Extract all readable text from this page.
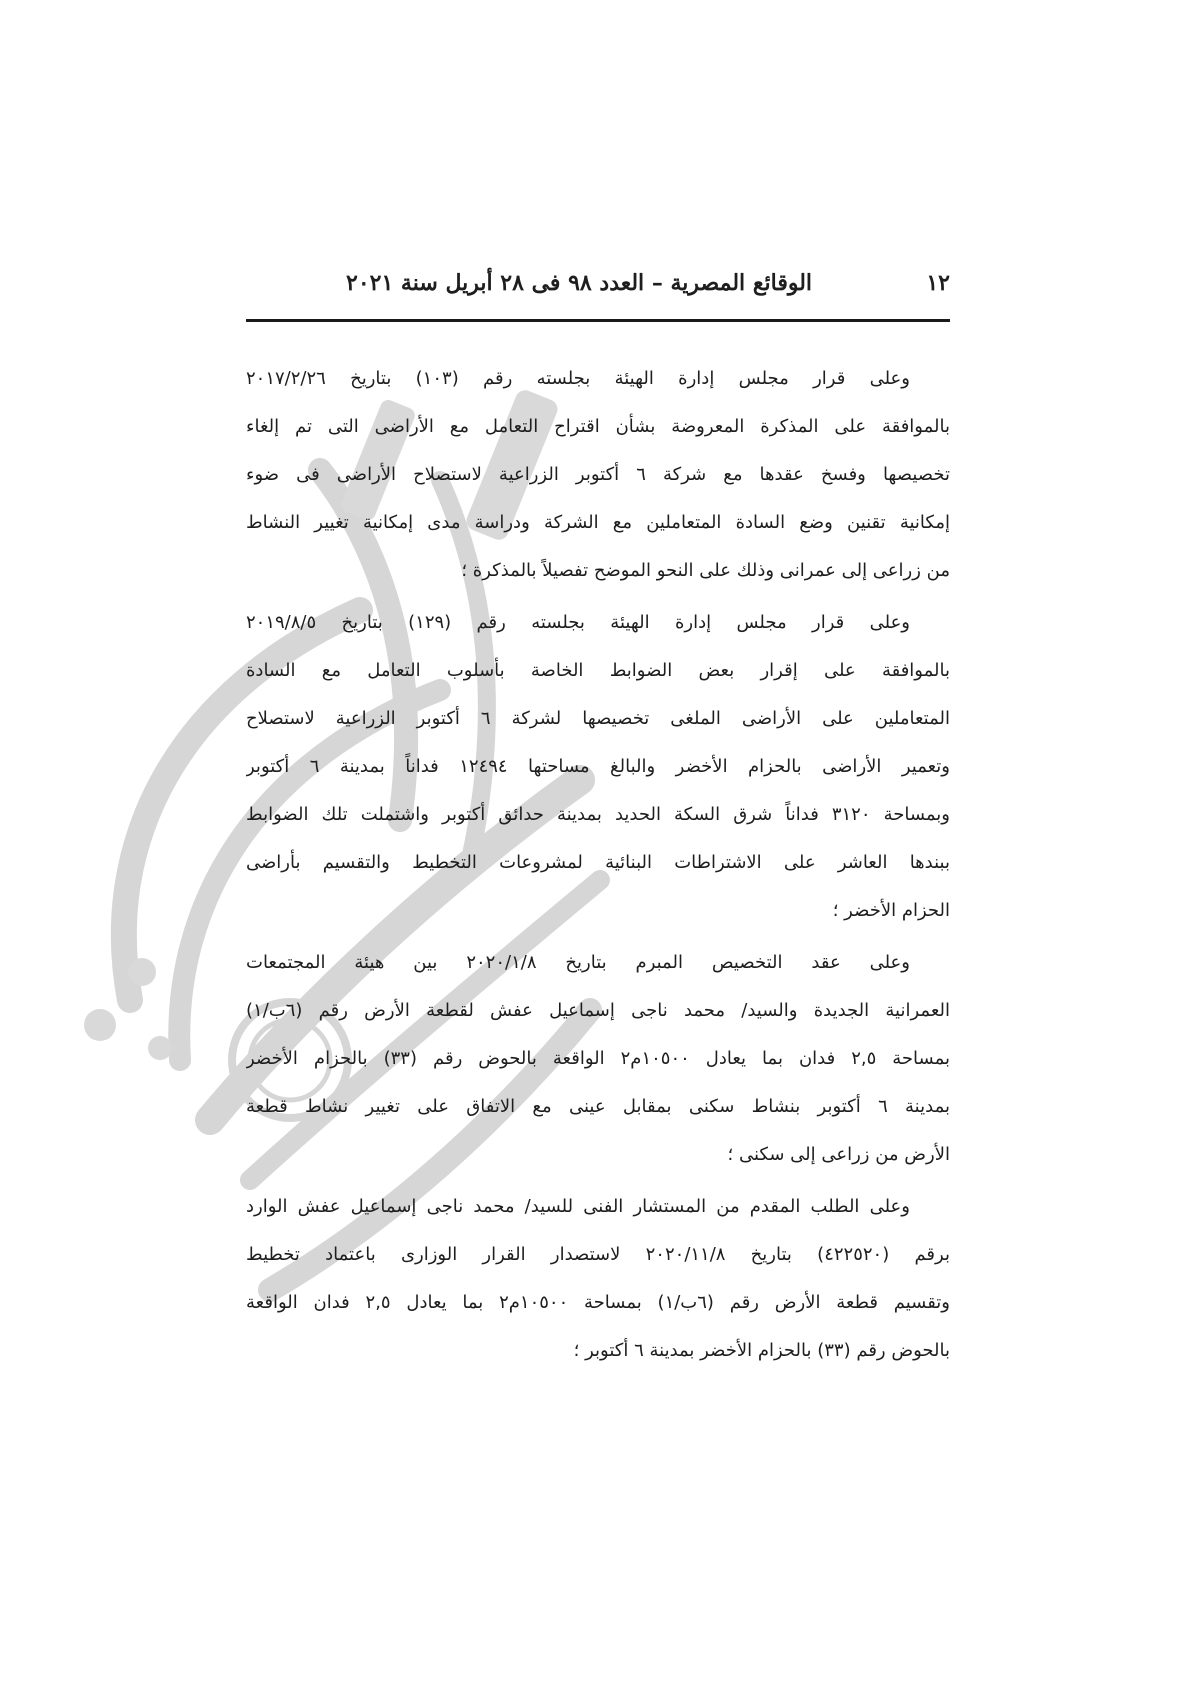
الوقائع المصرية – العدد ٩٨ فى ٢٨ أبريل سنة ٢٠٢١	١٢
وعلى قرار مجلس إدارة الهيئة بجلسته رقم (١٠٣) بتاريخ ٢٠١٧/٢/٢٦
بالموافقة على المذكرة المعروضة بشأن اقتراح التعامل مع الأراضى التى تم إلغاء
تخصيصها وفسخ عقدها مع شركة ٦ أكتوبر الزراعية لاستصلاح الأراضى فى ضوء
إمكانية تقنين وضع السادة المتعاملين مع الشركة ودراسة مدى إمكانية تغيير النشاط
من زراعى إلى عمرانى وذلك على النحو الموضح تفصيلاً بالمذكرة ؛
وعلى قرار مجلس إدارة الهيئة بجلسته رقم (١٢٩) بتاريخ ٢٠١٩/٨/٥
بالموافقة على إقرار بعض الضوابط الخاصة بأسلوب التعامل مع السادة
المتعاملين على الأراضى الملغى تخصيصها لشركة ٦ أكتوبر الزراعية لاستصلاح
وتعمير الأراضى بالحزام الأخضر والبالغ مساحتها ١٢٤٩٤ فداناً بمدينة ٦ أكتوبر
وبمساحة ٣١٢٠ فداناً شرق السكة الحديد بمدينة حدائق أكتوبر واشتملت تلك الضوابط
ببندها العاشر على الاشتراطات البنائية لمشروعات التخطيط والتقسيم بأراضى
الحزام الأخضر ؛
وعلى عقد التخصيص المبرم بتاريخ ٢٠٢٠/١/٨ بين هيئة المجتمعات
العمرانية الجديدة والسيد/ محمد ناجى إسماعيل عفش لقطعة الأرض رقم (٦ب/١)
بمساحة ٢,٥ فدان بما يعادل ١٠٥٠٠م٢ الواقعة بالحوض رقم (٣٣) بالحزام الأخضر
بمدينة ٦ أكتوبر بنشاط سكنى بمقابل عينى مع الاتفاق على تغيير نشاط قطعة
الأرض من زراعى إلى سكنى ؛
وعلى الطلب المقدم من المستشار الفنى للسيد/ محمد ناجى إسماعيل عفش الوارد
برقم (٤٢٢٥٢٠) بتاريخ ٢٠٢٠/١١/٨ لاستصدار القرار الوزارى باعتماد تخطيط
وتقسيم قطعة الأرض رقم (٦ب/١) بمساحة ١٠٥٠٠م٢ بما يعادل ٢,٥ فدان الواقعة
بالحوض رقم (٣٣) بالحزام الأخضر بمدينة ٦ أكتوبر ؛
